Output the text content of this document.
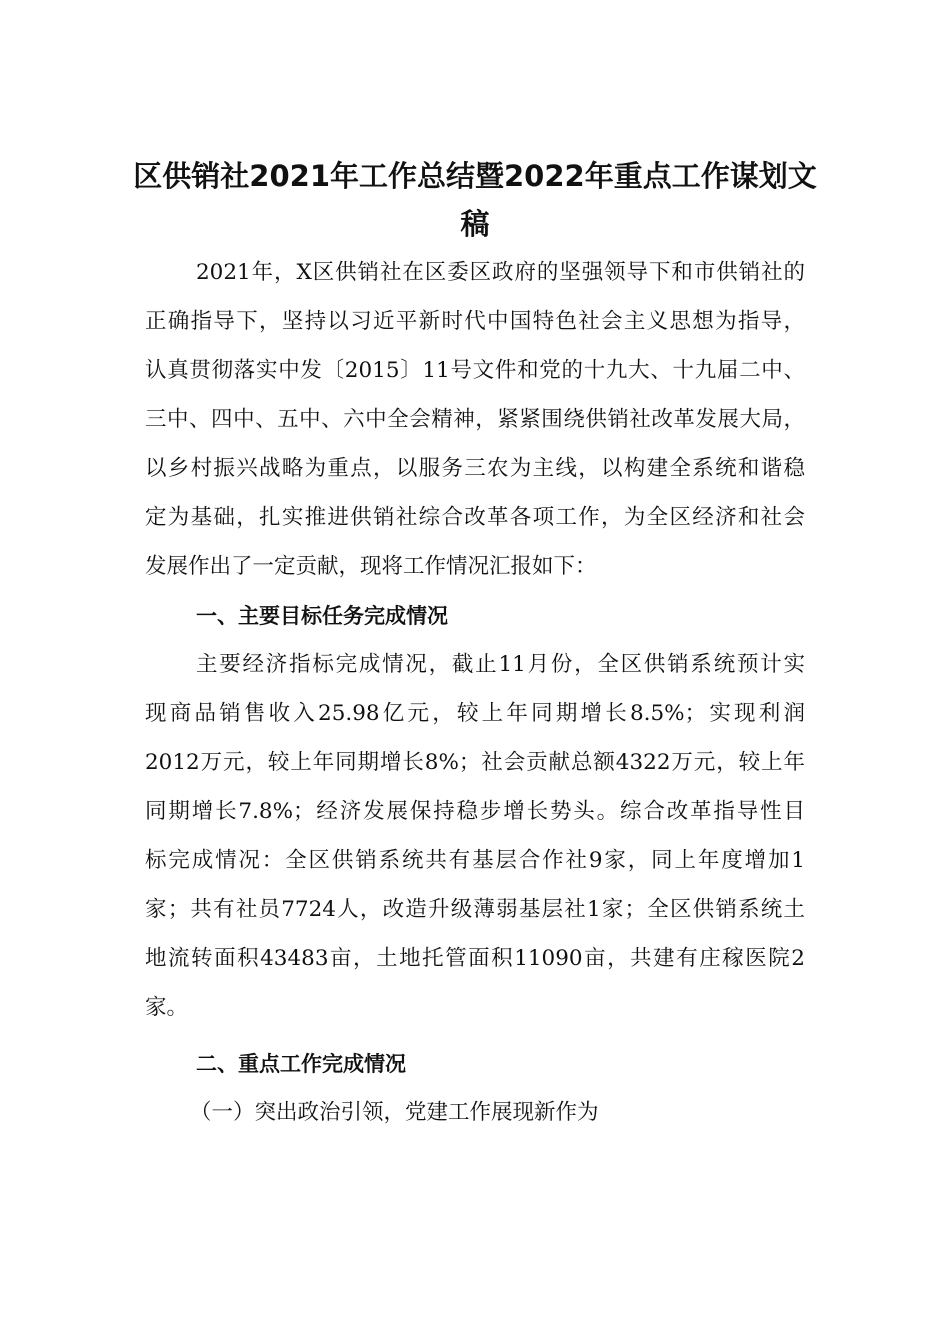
区供销社2021年工作总结暨2022年重点工作谋划文
稿
2021年，X区供销社在区委区政府的坚强领导下和市供销社的
正确指导下，坚持以习近平新时代中国特色社会主义思想为指导，
认真贯彻落实中发〔2015〕11号文件和党的十九大、十九届二中、
三中、四中、五中、六中全会精神，紧紧围绕供销社改革发展大局，
以乡村振兴战略为重点，以服务三农为主线，以构建全系统和谐稳
定为基础，扎实推进供销社综合改革各项工作，为全区经济和社会
发展作出了一定贡献，现将工作情况汇报如下：
一、主要目标任务完成情况
主要经济指标完成情况，截止11月份，全区供销系统预计实
现商品销售收入25.98亿元，较上年同期增长8.5%；实现利润
2012万元，较上年同期增长8%；社会贡献总额4322万元，较上年
同期增长7.8%；经济发展保持稳步增长势头。综合改革指导性目
标完成情况：全区供销系统共有基层合作社9家，同上年度增加1
家；共有社员7724人，改造升级薄弱基层社1家；全区供销系统土
地流转面积43483亩，土地托管面积11090亩，共建有庄稼医院2
家。
二、重点工作完成情况
（一）突出政治引领，党建工作展现新作为
